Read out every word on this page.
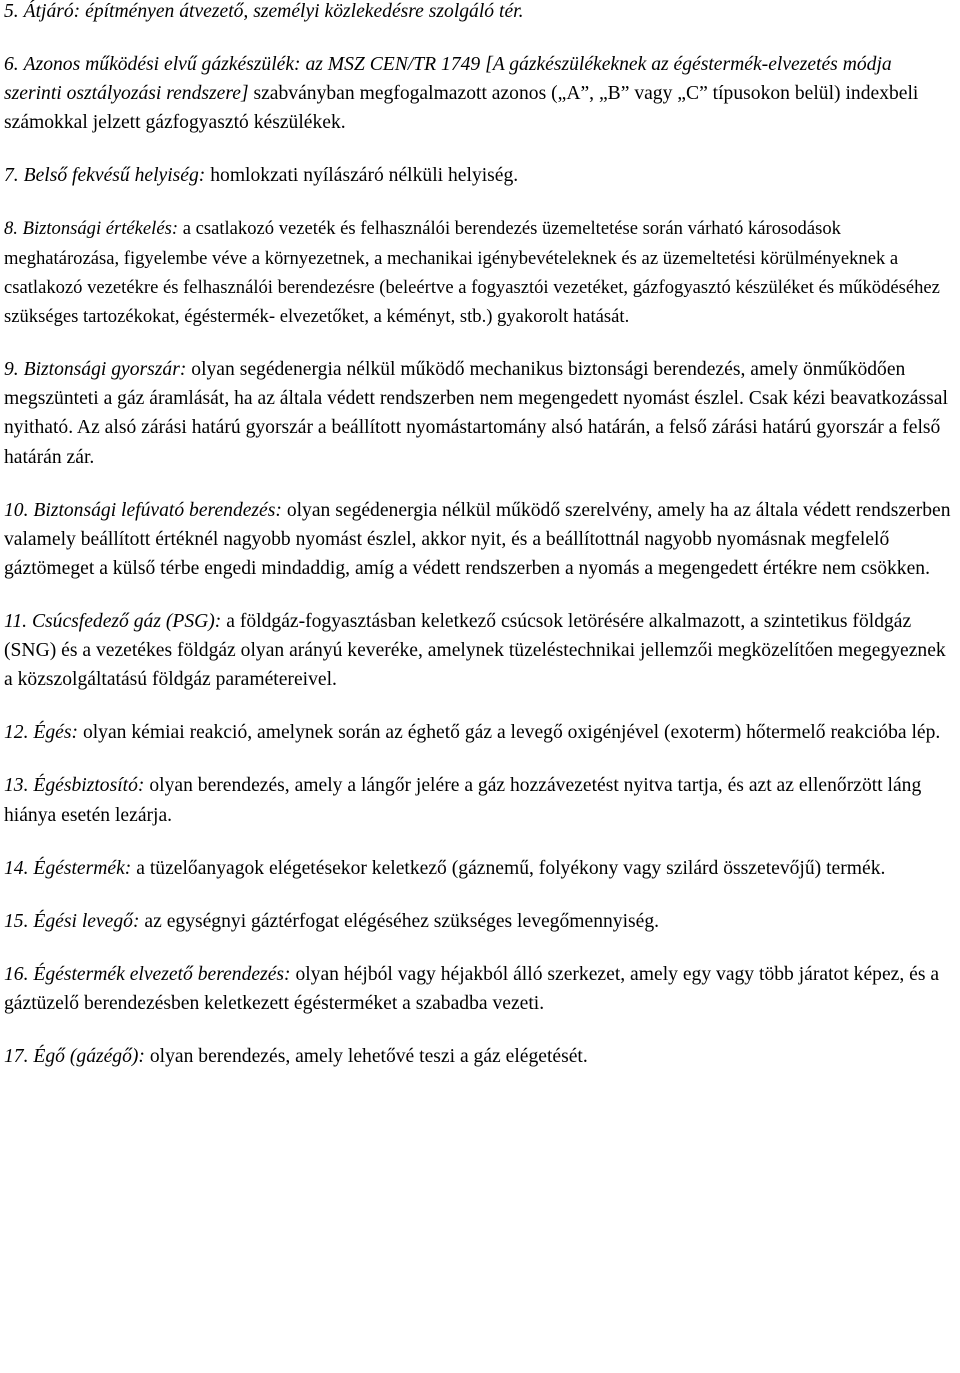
5. Átjáró: építményen átvezető, személyi közlekedésre szolgáló tér.

6. Azonos működési elvű gázkészülék: az MSZ CEN/TR 1749 [A gázkészülékeknek az égéstermék-elvezetés módja szerinti osztályozási rendszere] szabványban megfogalmazott azonos („A”, „B” vagy „C” típusokon belül) indexbeli számokkal jelzett gázfogyasztó készülékek.

7. Belső fekvésű helyiség: homlokzati nyílászáró nélküli helyiség.

8. Biztonsági értékelés: a csatlakozó vezeték és felhasználói berendezés üzemeltetése során várható károsodások meghatározása, figyelembe véve a környezetnek, a mechanikai igénybevételeknek és az üzemeltetési körülményeknek a csatlakozó vezetékre és felhasználói berendezésre (beleértve a fogyasztói vezetéket, gázfogyasztó készüléket és működéséhez szükséges tartozékokat, égéstermék- elvezetőket, a kéményt, stb.) gyakorolt hatását.

9. Biztonsági gyorszár: olyan segédenergia nélkül működő mechanikus biztonsági berendezés, amely önműködően megszünteti a gáz áramlását, ha az általa védett rendszerben nem megengedett nyomást észlel. Csak kézi beavatkozással nyitható. Az alsó zárási határú gyorszár a beállított nyomástartomány alsó határán, a felső zárási határú gyorszár a felső határán zár.

10. Biztonsági lefúvató berendezés: olyan segédenergia nélkül működő szerelvény, amely ha az általa védett rendszerben valamely beállított értéknél nagyobb nyomást észlel, akkor nyit, és a beállítottnál nagyobb nyomásnak megfelelő gáztömeget a külső térbe engedi mindaddig, amíg a védett rendszerben a nyomás a megengedett értékre nem csökken.

11. Csúcsfedező gáz (PSG): a földgáz-fogyasztásban keletkező csúcsok letörésére alkalmazott, a szintetikus földgáz (SNG) és a vezetékes földgáz olyan arányú keveréke, amelynek tüzeléstechnikai jellemzői megközelítően megegyeznek a közszolgáltatású földgáz paramétereivel.

12. Égés: olyan kémiai reakció, amelynek során az éghető gáz a levegő oxigénjével (exoterm) hőtermelő reakcióba lép.

13. Égésbiztosító: olyan berendezés, amely a lángőr jelére a gáz hozzávezetést nyitva tartja, és azt az ellenőrzött láng hiánya esetén lezárja.

14. Égéstermék: a tüzelőanyagok elégetésekor keletkező (gáznemű, folyékony vagy szilárd összetevőjű) termék.

15. Égési levegő: az egységnyi gáztérfogat elégéséhez szükséges levegőmennyiség.

16. Égéstermék elvezető berendezés: olyan héjból vagy héjakból álló szerkezet, amely egy vagy több járatot képez, és a gáztüzelő berendezésben keletkezett égésterméket a szabadba vezeti.

17. Égő (gázégő): olyan berendezés, amely lehetővé teszi a gáz elégetését.
